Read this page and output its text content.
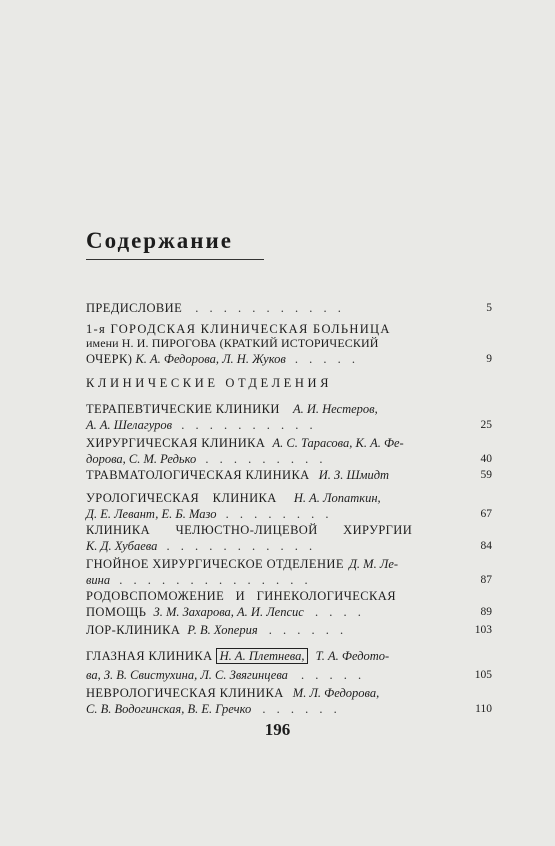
Содержание
ПРЕДИСЛОВИЕ . . . . . . . . . . .	5
1-я ГОРОДСКАЯ КЛИНИЧЕСКАЯ БОЛЬНИЦА
имени Н. И. ПИРОГОВА (КРАТКИЙ ИСТОРИЧЕСКИЙ
ОЧЕРК) К. А. Федорова, Л. Н. Жуков . . . . .	9
КЛИНИЧЕСКИЕ ОТДЕЛЕНИЯ
ТЕРАПЕВТИЧЕСКИЕ КЛИНИКИ А. И. Нестеров,
А. А. Шелагуров . . . . . . . . . .	25
ХИРУРГИЧЕСКАЯ КЛИНИКА А. С. Тарасова, К. А. Фе-
дорова, С. М. Редько . . . . . . . . .	40
ТРАВМАТОЛОГИЧЕСКАЯ КЛИНИКА И. З. Шмидт	59
УРОЛОГИЧЕСКАЯ КЛИНИКА Н. А. Лопаткин,
Д. Е. Левант, Е. Б. Мазо . . . . . . . .	67
КЛИНИКА ЧЕЛЮСТНО-ЛИЦЕВОЙ ХИРУРГИИ
К. Д. Хубаева . . . . . . . . . . .	84
ГНОЙНОЕ ХИРУРГИЧЕСКОЕ ОТДЕЛЕНИЕ Д. М. Ле-
вина . . . . . . . . . . . . . .	87
РОДОВСПОМОЖЕНИЕ И ГИНЕКОЛОГИЧЕСКАЯ
ПОМОЩЬ З. М. Захарова, А. И. Лепсис . . . .	89
ЛОР-КЛИНИКА Р. В. Хоперия . . . . . .	103
ГЛАЗНАЯ КЛИНИКА Н. А. Плетнева, Т. А. Федото-
ва, З. В. Свистухина, Л. С. Звягинцева . . . . .	105
НЕВРОЛОГИЧЕСКАЯ КЛИНИКА М. Л. Федорова,
С. В. Водогинская, В. Е. Гречко . . . . . .	110

196
